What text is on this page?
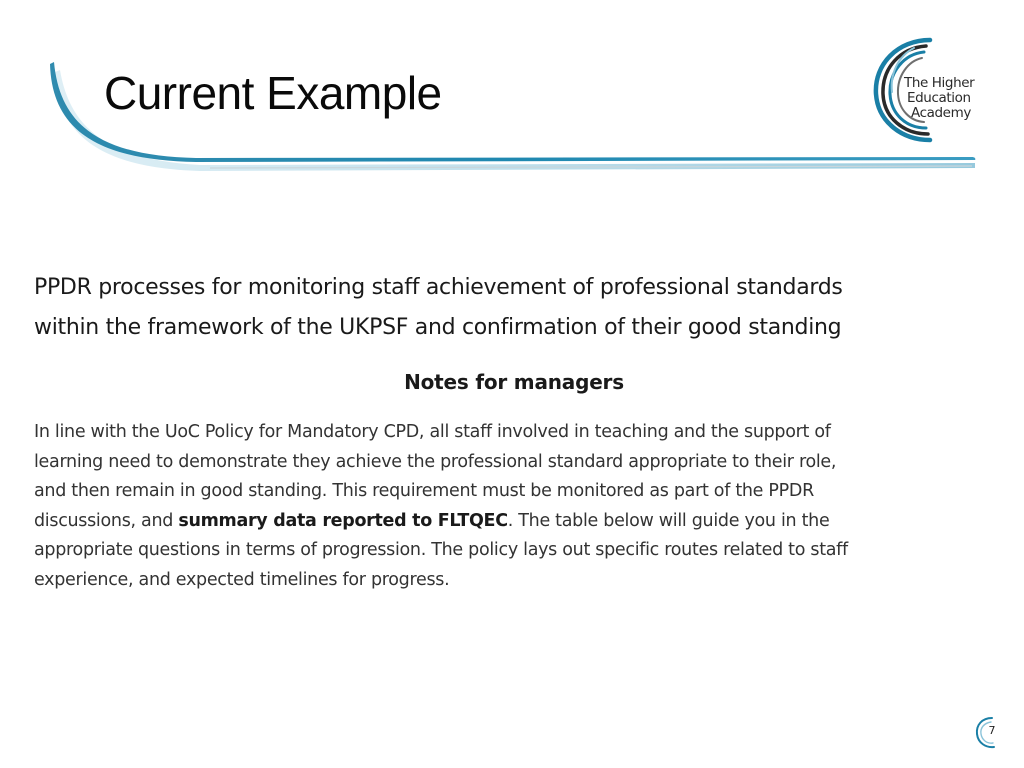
Current Example	The Higher
Education
Academy
PPDR processes for monitoring staff achievement of professional standards
within the framework of the UKPSF and confirmation of their good standing
Notes for managers

In line with the UoC Policy for Mandatory CPD, all staff involved in teaching and the support of
learning need to demonstrate they achieve the professional standard appropriate to their role,
and then remain in good standing. This requirement must be monitored as part of the PPDR
discussions, and summary data reported to FLTQEC. The table below will guide you in the
appropriate questions in terms of progression. The policy lays out specific routes related to staff
experience, and expected timelines for progress.

7
